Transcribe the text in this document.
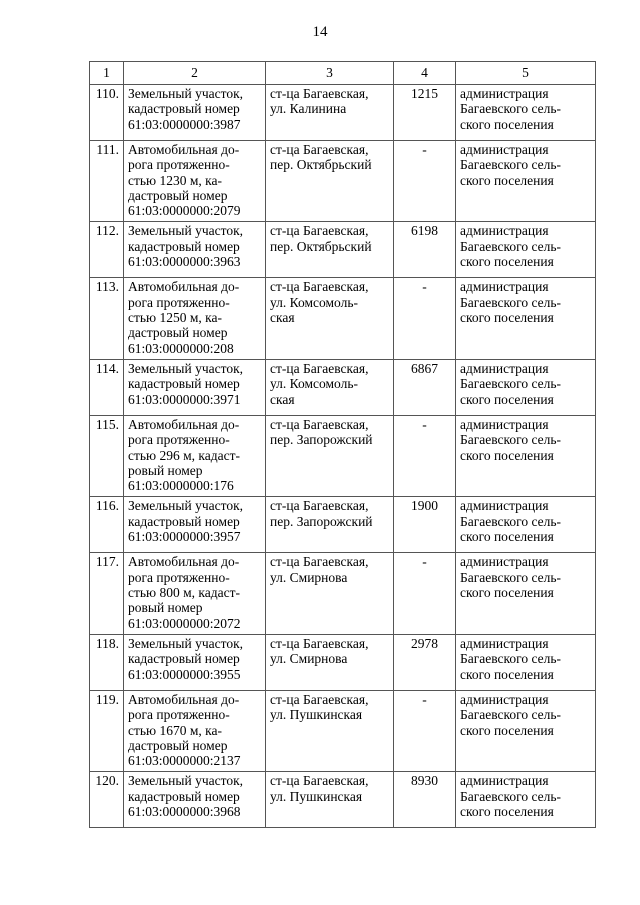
14
1	2	3	4	5
110.	Земельный участок,
кадастровый номер
61:03:0000000:3987	ст-ца Багаевская,
ул. Калинина	1215	администрация
Багаевского сель-
ского поселения
111.	Автомобильная до-
рога протяженно-
стью 1230 м, ка-
дастровый номер
61:03:0000000:2079	ст-ца Багаевская,
пер. Октябрьский	-	администрация
Багаевского сель-
ского поселения
112.	Земельный участок,
кадастровый номер
61:03:0000000:3963	ст-ца Багаевская,
пер. Октябрьский	6198	администрация
Багаевского сель-
ского поселения
113.	Автомобильная до-
рога протяженно-
стью 1250 м, ка-
дастровый номер
61:03:0000000:208	ст-ца Багаевская,
ул. Комсомоль-
ская	-	администрация
Багаевского сель-
ского поселения
114.	Земельный участок,
кадастровый номер
61:03:0000000:3971	ст-ца Багаевская,
ул. Комсомоль-
ская	6867	администрация
Багаевского сель-
ского поселения
115.	Автомобильная до-
рога протяженно-
стью 296 м, кадаст-
ровый номер
61:03:0000000:176	ст-ца Багаевская,
пер. Запорожский	-	администрация
Багаевского сель-
ского поселения
116.	Земельный участок,
кадастровый номер
61:03:0000000:3957	ст-ца Багаевская,
пер. Запорожский	1900	администрация
Багаевского сель-
ского поселения
117.	Автомобильная до-
рога протяженно-
стью 800 м, кадаст-
ровый номер
61:03:0000000:2072	ст-ца Багаевская,
ул. Смирнова	-	администрация
Багаевского сель-
ского поселения
118.	Земельный участок,
кадастровый номер
61:03:0000000:3955	ст-ца Багаевская,
ул. Смирнова	2978	администрация
Багаевского сель-
ского поселения
119.	Автомобильная до-
рога протяженно-
стью 1670 м, ка-
дастровый номер
61:03:0000000:2137	ст-ца Багаевская,
ул. Пушкинская	-	администрация
Багаевского сель-
ского поселения
120.	Земельный участок,
кадастровый номер
61:03:0000000:3968	ст-ца Багаевская,
ул. Пушкинская	8930	администрация
Багаевского сель-
ского поселения
